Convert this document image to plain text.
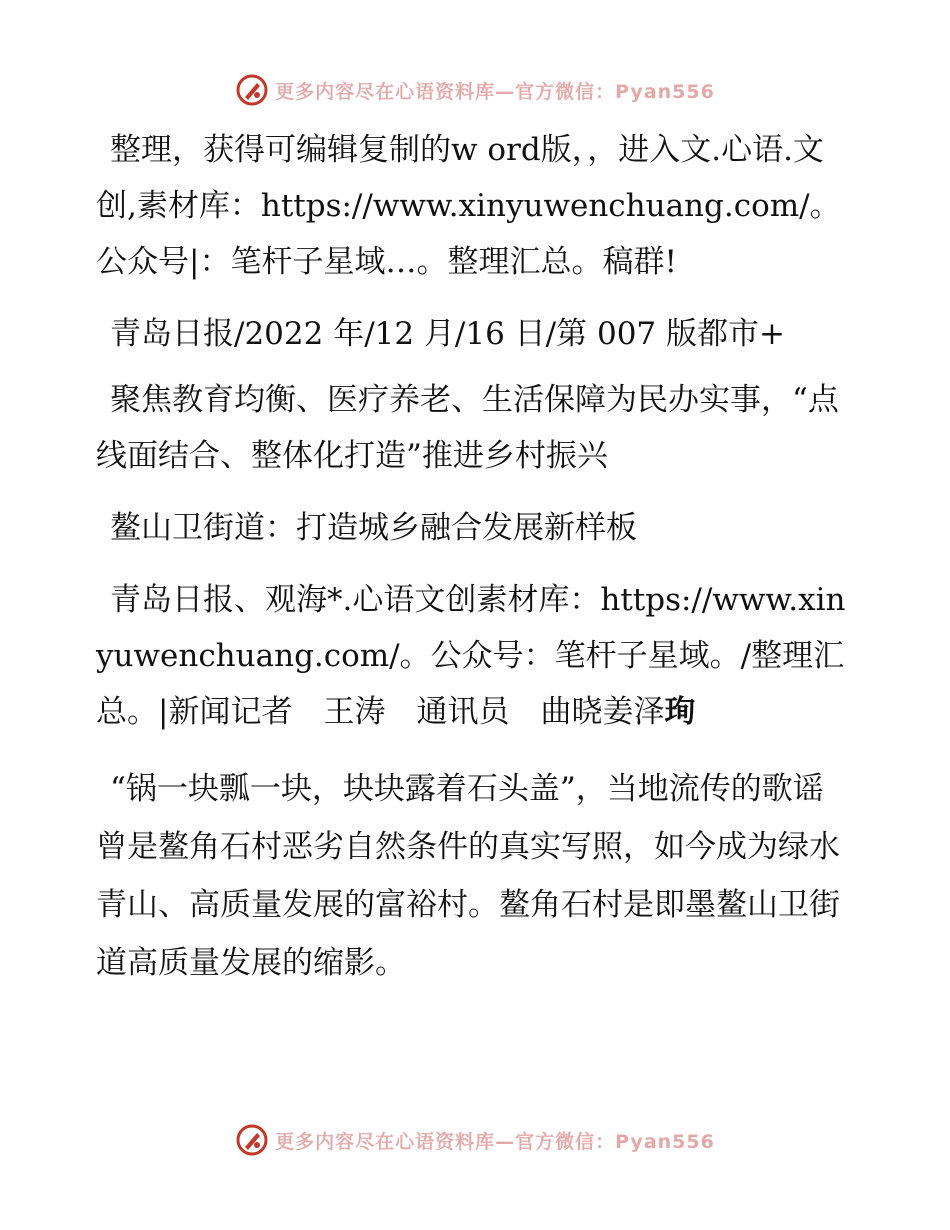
更多内容尽在心语资料库—官方微信：Pyan556

整理，获得可编辑复制的w ord版，，进入文.心语.文创,素材库：https://www.xinyuwenchuang.com/。公众号|：笔杆子星域…。整理汇总。稿群!

青岛日报/2022 年/12 月/16 日/第 007 版都市+

聚焦教育均衡、医疗养老、生活保障为民办实事，“点线面结合、整体化打造”推进乡村振兴

鳌山卫街道：打造城乡融合发展新样板

青岛日报、观海*.心语文创素材库：https://www.xinyuwenchuang.com/。公众号：笔杆子星域。/整理汇总。|新闻记者　王涛　通讯员　曲晓姜泽珣

“锅一块瓢一块，块块露着石头盖”，当地流传的歌谣曾是鳌角石村恶劣自然条件的真实写照，如今成为绿水青山、高质量发展的富裕村。鳌角石村是即墨鳌山卫街道高质量发展的缩影。

更多内容尽在心语资料库—官方微信：Pyan556
